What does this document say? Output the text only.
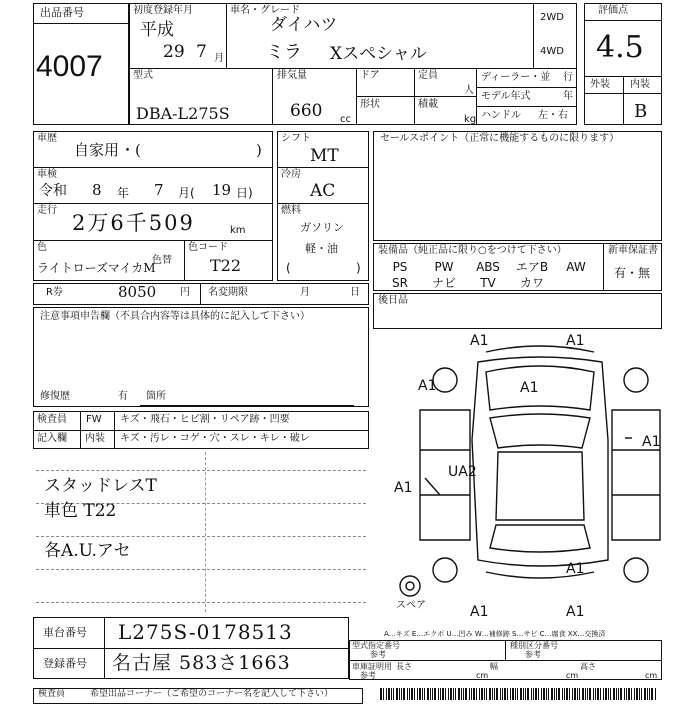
出品番号
4007
初度登録年月
平成
29 7 月
車名・グレード
ダイハツ
ミラ Xスペシャル
2WD
4WD
型式
DBA-L275S
排気量
660 cc
ドア	定員
人
形状	積載
kg
ディーラー・並 行
モデル年式	年
ハンドル 左・右
評価点
4.5
外装 内装
B
車歴
自家用 ・(	)
車検
令和 8 年 7 月( 19 日)
走行
2万6千509	km
色
ライトローズマイカM
色替
色コード
T22
シフト
MT
冷房
AC
燃料
ガソリン
軽・油
(	)
セールスポイント（正常に機能するものに限ります）
装備品（純正品に限り○をつけて下さい）	新車保証書
有・無
PS	PW	ABS	エアB	AW
SR	ナビ	TV	カワ
R券	8050 円 名変期限	月	日
後日品
注意事項申告欄（不具合内容等は具体的に記入して下さい）
修復歴	有 箇所
検査員 FW キズ・飛石・ヒビ割・リペア跡・凹要
記入欄 内装 キズ・汚レ・コゲ・穴・スレ・キレ・破レ
スタッドレスT
車色 T22
各A.U.アセ
A1	A1
A1	A1
A1
A1
UA2
A1
A1	A1
スペア
A…キズ E…エクボ U…凹み W…補修跡 S…サビ C…腐食 XX…交換済
車台番号 L275S-0178513
登録番号 名古屋 583さ1663
型式指定番号
参考
種別区分番号
参考
車庫証明用
参考
長さ
cm
幅
cm
高さ
cm
検査員	希望出品コーナー（ご希望のコーナー名を記入して下さい）
